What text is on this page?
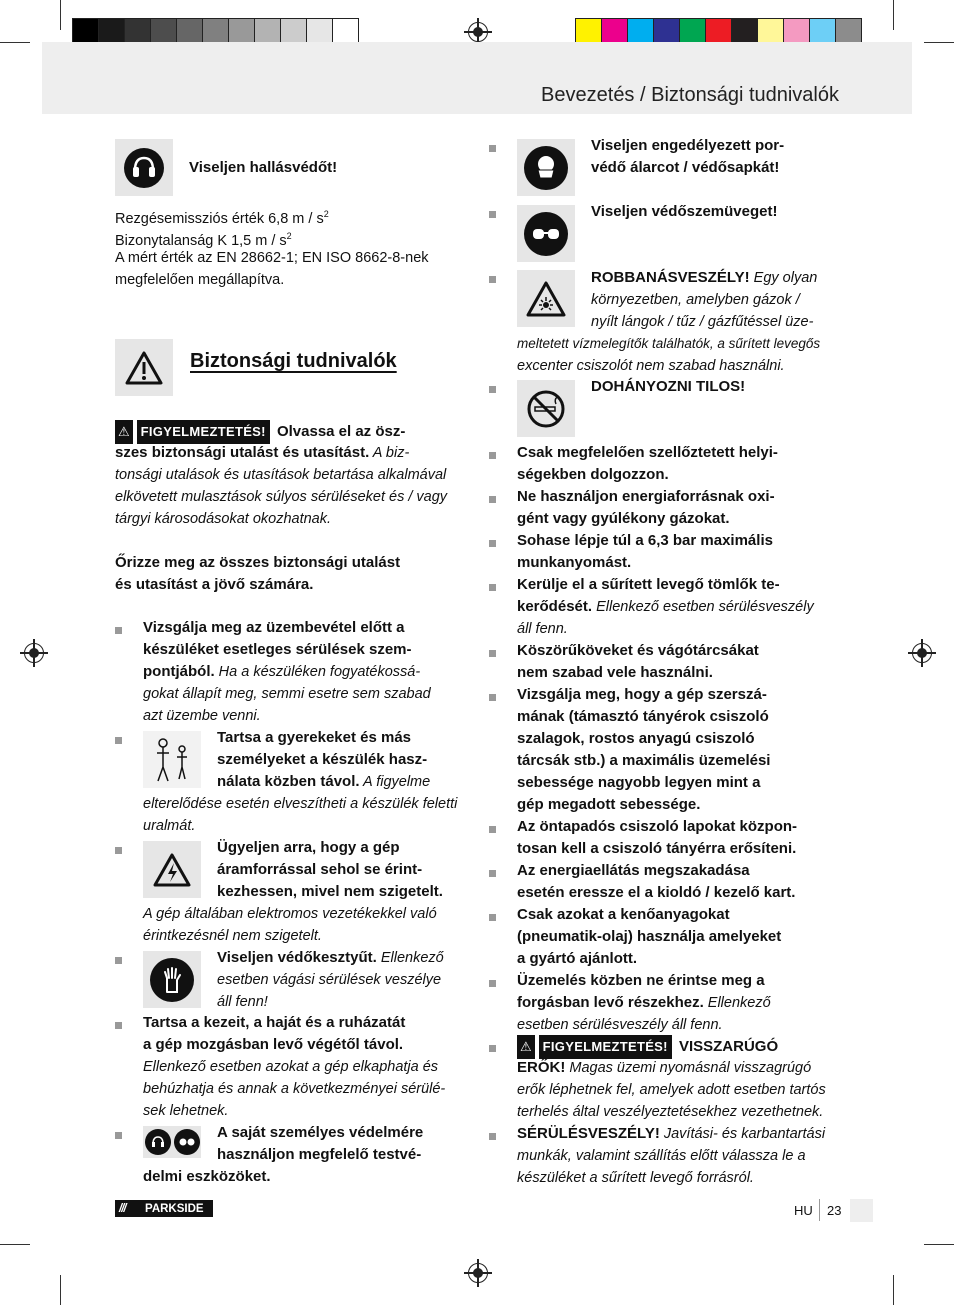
Bevezetés / Biztonsági tudnivalók
Viseljen hallásvédőt!
Rezgésemissziós érték 6,8 m / $s^2$
Bizonytalanság K 1,5 m / $s^2$
A mért érték az EN 28662-1; EN ISO 8662-8-nek
megfelelően megállapítva.
Biztonsági tudnivalók
⚠ FIGYELMEZTETÉS! Olvassa el az ösz-
szes biztonsági utalást és utasítást. A biz-
tonsági utalások és utasítások betartása alkalmával
elkövetett mulasztások súlyos sérüléseket és / vagy
tárgyi károsodásokat okozhatnak.
Őrizze meg az összes biztonsági utalást
és utasítást a jövő számára.
Vizsgálja meg az üzembevétel előtt a
készüléket esetleges sérülések szem-
pontjából. Ha a készüléken fogyatékossá-
gokat állapít meg, semmi esetre sem szabad
azt üzembe venni.
Tartsa a gyerekeket és más
személyeket a készülék hasz-
nálata közben távol. A figyelme
elterelődése esetén elveszítheti a készülék feletti
uralmát.
Ügyeljen arra, hogy a gép
áramforrással sehol se érint-
kezhessen, mivel nem szigetelt.
A gép általában elektromos vezetékekkel való
érintkezésnél nem szigetelt.
Viseljen védőkesztyűt. Ellenkező
esetben vágási sérülések veszélye
áll fenn!
Tartsa a kezeit, a haját és a ruházatát
a gép mozgásban levő végétől távol.
Ellenkező esetben azokat a gép elkaphatja és
behúzhatja és annak a következményei sérülé-
sek lehetnek.
A saját személyes védelmére
használjon megfelelő testvé-
delmi eszközöket.
Viseljen engedélyezett por-
védő álarcot / védősapkát!
Viseljen védőszemüveget!
ROBBANÁSVESZÉLY! Egy olyan
környezetben, amelyben gázok /
nyílt lángok / tűz / gázfűtéssel üze-
meltetett vízmelegítők találhatók, a sűrített levegős
excenter csiszolót nem szabad használni.
DOHÁNYOZNI TILOS!
Csak megfelelően szellőztetett helyi-
ségekben dolgozzon.
Ne használjon energiaforrásnak oxi-
gént vagy gyúlékony gázokat.
Sohase lépje túl a 6,3 bar maximális
munkanyomást.
Kerülje el a sűrített levegő tömlők te-
kerődését. Ellenkező esetben sérülésveszély
áll fenn.
Köszörűköveket és vágótárcsákat
nem szabad vele használni.
Vizsgálja meg, hogy a gép szerszá-
mának (támasztó tányérok csiszoló
szalagok, rostos anyagú csiszoló
tárcsák stb.) a maximális üzemelési
sebessége nagyobb legyen mint a
gép megadott sebessége.
Az öntapadós csiszoló lapokat közpon-
tosan kell a csiszoló tányérra erősíteni.
Az energiaellátás megszakadása
esetén eressze el a kioldó / kezelő kart.
Csak azokat a kenőanyagokat
(pneumatik-olaj) használja amelyeket
a gyártó ajánlott.
Üzemelés közben ne érintse meg a
forgásban levő részekhez. Ellenkező
esetben sérülésveszély áll fenn.
⚠ FIGYELMEZTETÉS! VISSZARÚGÓ
ERŐK! Magas üzemi nyomásnál visszagrúgó
erők léphetnek fel, amelyek adott esetben tartós
terhelés által veszélyeztetésekhez vezethetnek.
SÉRÜLÉSVESZÉLY! Javítási- és karbantartási
munkák, valamint szállítás előtt válassza le a
készüléket a sűrített levegő forrásról.
///	PARKSIDE	HU 23
